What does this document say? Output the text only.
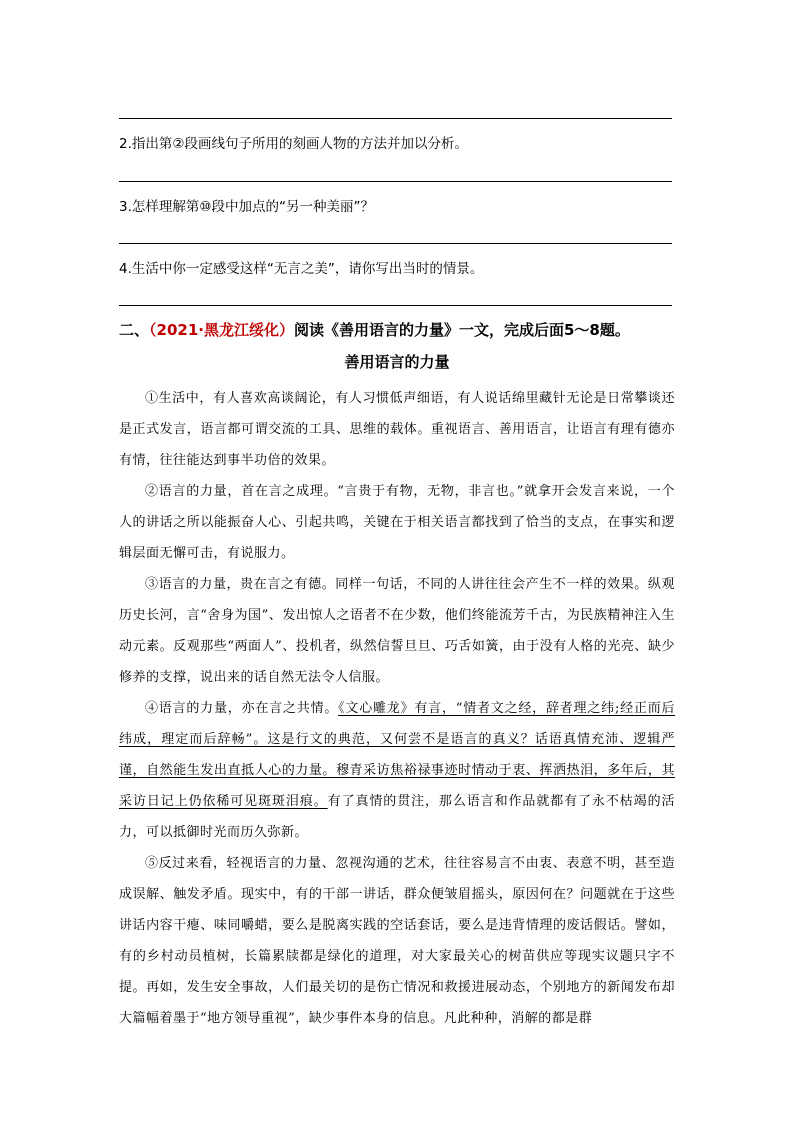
2.指出第②段画线句子所用的刻画人物的方法并加以分析。
3.怎样理解第⑩段中加点的“另一种美丽”？
4.生活中你一定感受这样“无言之美”，请你写出当时的情景。
二、（2021·黑龙江绥化）阅读《善用语言的力量》一文，完成后面5～8题。
善用语言的力量

①生活中，有人喜欢高谈阔论，有人习惯低声细语，有人说话绵里藏针无论是日常攀谈还是正式发言，语言都可谓交流的工具、思维的载体。重视语言、善用语言，让语言有理有德亦有情，往往能达到事半功倍的效果。

②语言的力量，首在言之成理。“言贵于有物，无物，非言也。”就拿开会发言来说，一个人的讲话之所以能振奋人心、引起共鸣，关键在于相关语言都找到了恰当的支点，在事实和逻辑层面无懈可击，有说服力。

③语言的力量，贵在言之有德。同样一句话，不同的人讲往往会产生不一样的效果。纵观历史长河，言“舍身为国”、发出惊人之语者不在少数，他们终能流芳千古，为民族精神注入生动元素。反观那些“两面人”、投机者，纵然信誓旦旦、巧舌如簧，由于没有人格的光亮、缺少修养的支撑，说出来的话自然无法令人信服。

④语言的力量，亦在言之共情。《文心雕龙》有言，“情者文之经，辞者理之纬;经正而后纬成，理定而后辞畅”。这是行文的典范，又何尝不是语言的真义？话语真情充沛、逻辑严谨，自然能生发出直抵人心的力量。穆青采访焦裕禄事迹时情动于衷、挥洒热泪，多年后，其采访日记上仍依稀可见斑斑泪痕。有了真情的贯注，那么语言和作品就都有了永不枯竭的活力，可以抵御时光而历久弥新。

⑤反过来看，轻视语言的力量、忽视沟通的艺术，往往容易言不由衷、表意不明，甚至造成误解、触发矛盾。现实中，有的干部一讲话，群众便皱眉摇头，原因何在？问题就在于这些讲话内容干瘪、味同嚼蜡，要么是脱离实践的空话套话，要么是违背情理的废话假话。譬如，有的乡村动员植树，长篇累牍都是绿化的道理，对大家最关心的树苗供应等现实议题只字不提。再如，发生安全事故，人们最关切的是伤亡情况和救援进展动态，个别地方的新闻发布却大篇幅着墨于“地方领导重视”，缺少事件本身的信息。凡此种种，消解的都是群
